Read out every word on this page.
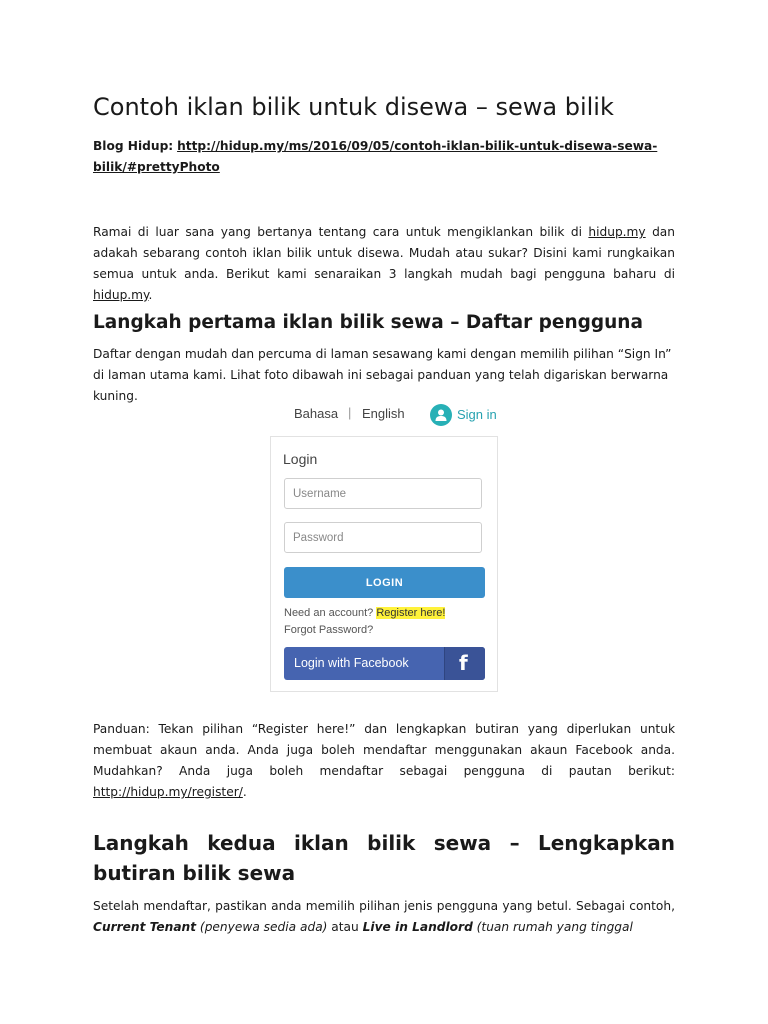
Contoh iklan bilik untuk disewa – sewa bilik
Blog Hidup: http://hidup.my/ms/2016/09/05/contoh-iklan-bilik-untuk-disewa-sewa-bilik/#prettyPhoto

Ramai di luar sana yang bertanya tentang cara untuk mengiklankan bilik di hidup.my dan adakah sebarang contoh iklan bilik untuk disewa. Mudah atau sukar? Disini kami rungkaikan semua untuk anda. Berikut kami senaraikan 3 langkah mudah bagi pengguna baharu di hidup.my.

Langkah pertama iklan bilik sewa – Daftar pengguna

Daftar dengan mudah dan percuma di laman sesawang kami dengan memilih pilihan “Sign In” di laman utama kami. Lihat foto dibawah ini sebagai panduan yang telah digariskan berwarna kuning.

Panduan: Tekan pilihan “Register here!” dan lengkapkan butiran yang diperlukan untuk membuat akaun anda. Anda juga boleh mendaftar menggunakan akaun Facebook anda. Mudahkan? Anda juga boleh mendaftar sebagai pengguna di pautan berikut: http://hidup.my/register/.

Langkah kedua iklan bilik sewa – Lengkapkan butiran bilik sewa

Setelah mendaftar, pastikan anda memilih pilihan jenis pengguna yang betul. Sebagai contoh, Current Tenant (penyewa sedia ada) atau Live in Landlord (tuan rumah yang tinggal

Bahasa | English	Sign in
Login
Username
LOGIN
Need an account? Register here!
Forgot Password?
Login with Facebook	f
